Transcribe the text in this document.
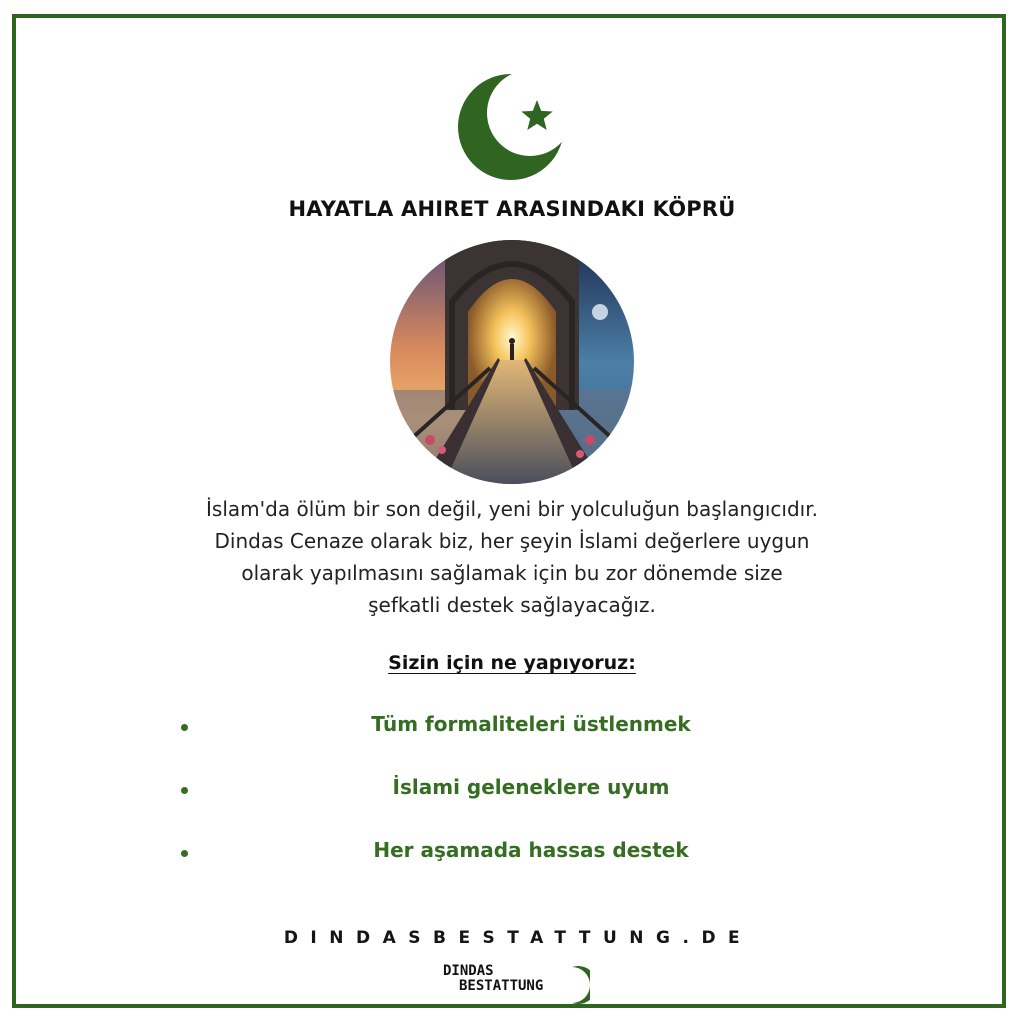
HAYATLA AHIRET ARASINDAKI KÖPRÜ
İslam'da ölüm bir son değil, yeni bir yolculuğun başlangıcıdır.
Dindas Cenaze olarak biz, her şeyin İslami değerlere uygun
olarak yapılmasını sağlamak için bu zor dönemde size
şefkatli destek sağlayacağız.
Sizin için ne yapıyoruz:
Tüm formaliteleri üstlenmek
İslami geleneklere uyum
Her aşamada hassas destek
DINDASBESTATTUNG.DE
DINDAS
BESTATTUNG
